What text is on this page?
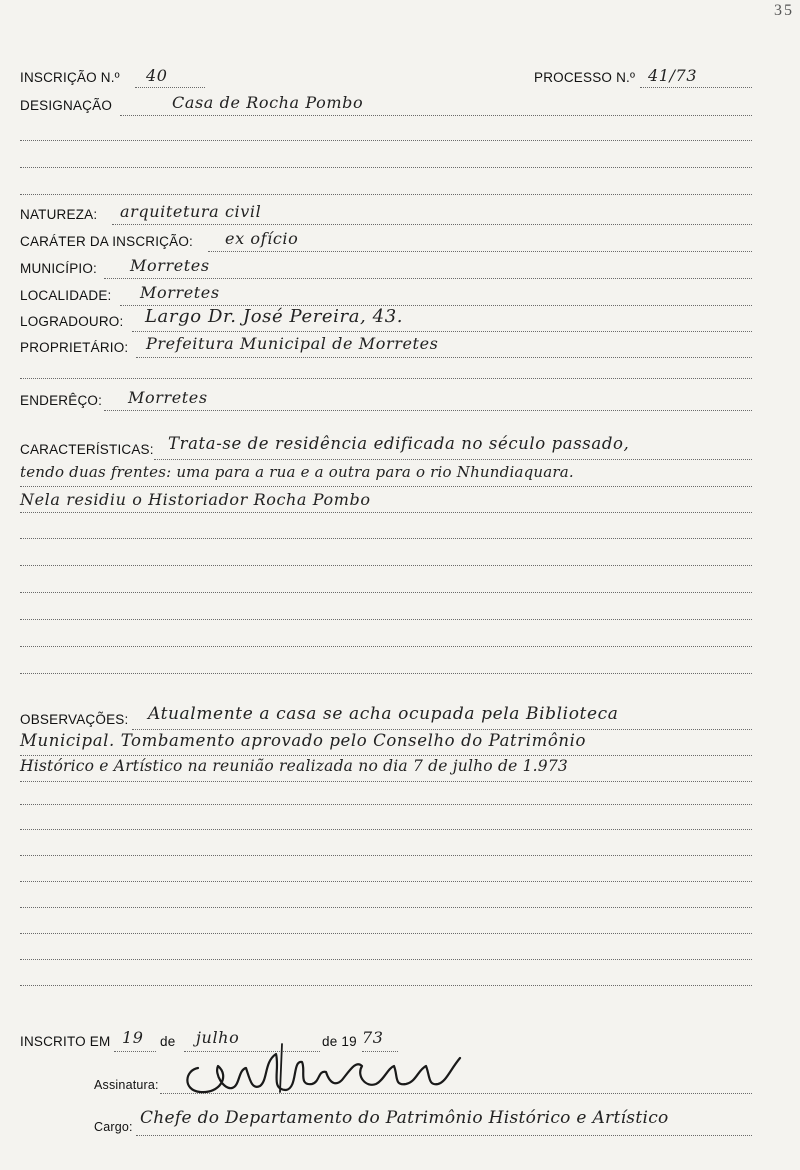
35
INSCRIÇÃO N.º 40	PROCESSO N.º 41/73
DESIGNAÇÃO	Casa de Rocha Pombo
NATUREZA: arquitetura civil
CARÁTER DA INSCRIÇÃO: ex ofício
MUNICÍPIO: Morretes
LOCALIDADE: Morretes
LOGRADOURO: Largo Dr. José Pereira, 43.
PROPRIETÁRIO: Prefeitura Municipal de Morretes
ENDERÊÇO: Morretes
CARACTERÍSTICAS: Trata-se de residência edificada no século passado,
tendo duas frentes: uma para a rua e a outra para o rio Nhundiaquara.
Nela residiu o Historiador Rocha Pombo
OBSERVAÇÕES: Atualmente a casa se acha ocupada pela Biblioteca
Municipal. Tombamento aprovado pelo Conselho do Patrimônio
Histórico e Artístico na reunião realizada no dia 7 de julho de 1.973
INSCRITO EM 19 de julho	de 19 73
Assinatura:
Cargo: Chefe do Departamento do Patrimônio Histórico e Artístico
